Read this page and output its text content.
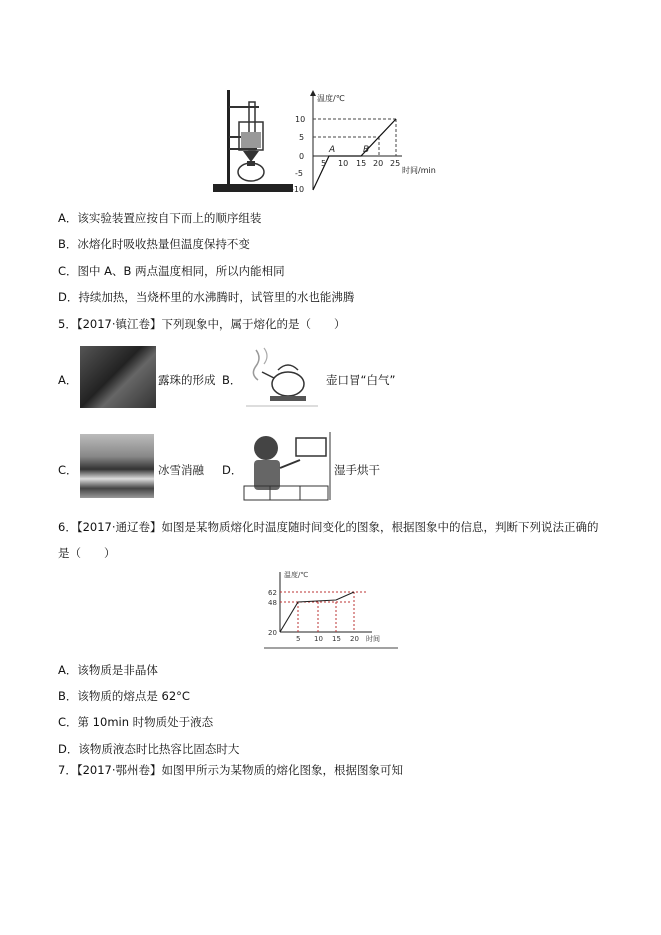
温度/℃
10
5
0
-5
-10
5 10 15 20 25
时间/min
A	B
A．该实验装置应按自下而上的顺序组装
B．冰熔化时吸收热量但温度保持不变
C．图中 A、B 两点温度相同，所以内能相同
D．持续加热，当烧杯里的水沸腾时，试管里的水也能沸腾
5．【2017·镇江卷】下列现象中，属于熔化的是（　　）
A．	露珠的形成 B．	壶口冒“白气”
C．	冰雪消融 D．	湿手烘干
6．【2017·通辽卷】如图是某物质熔化时温度随时间变化的图象，根据图象中的信息，判断下列说法正确的
是（　　）
温度/℃
62
48
20
5 10 15 20 时间
A．该物质是非晶体
B．该物质的熔点是 62°C
C．第 10min 时物质处于液态
D．该物质液态时比热容比固态时大
7．【2017·鄂州卷】如图甲所示为某物质的熔化图象，根据图象可知
